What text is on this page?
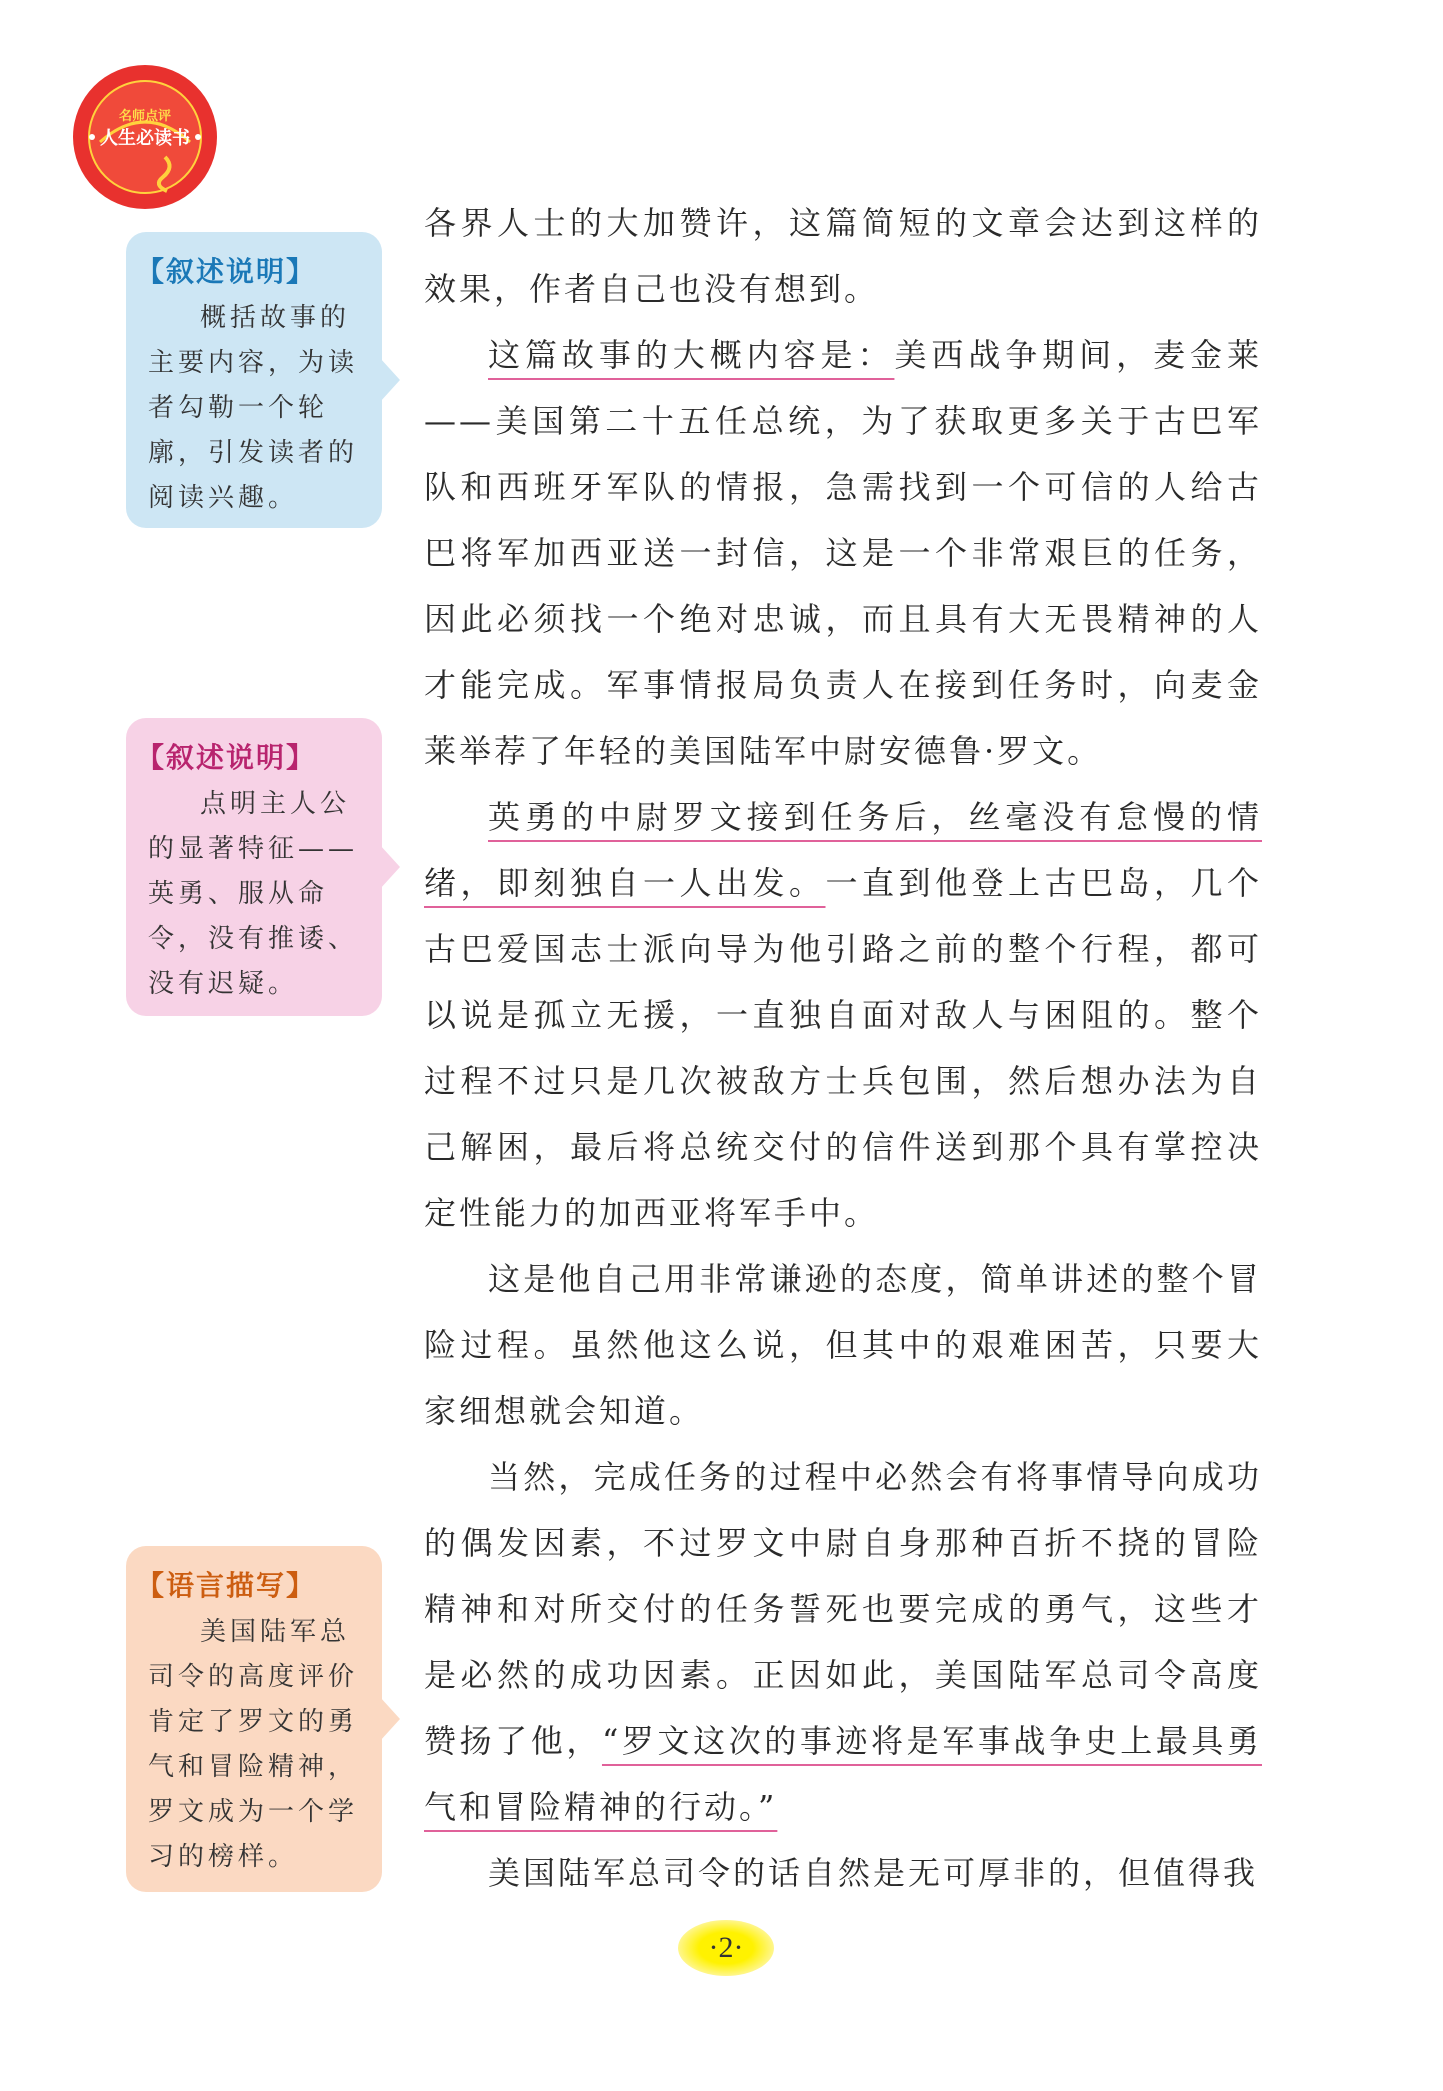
名师点评
人生必读书
【叙述说明】
概括故事的主要内容，为读者勾勒一个轮廓，引发读者的阅读兴趣。
【叙述说明】
点明主人公的显著特征——英勇、服从命令，没有推诿、没有迟疑。
【语言描写】
美国陆军总司令的高度评价肯定了罗文的勇气和冒险精神，罗文成为一个学习的榜样。

各界人士的大加赞许，这篇简短的文章会达到这样的效果，作者自己也没有想到。

这篇故事的大概内容是：美西战争期间，麦金莱——美国第二十五任总统，为了获取更多关于古巴军队和西班牙军队的情报，急需找到一个可信的人给古巴将军加西亚送一封信，这是一个非常艰巨的任务，因此必须找一个绝对忠诚，而且具有大无畏精神的人才能完成。军事情报局负责人在接到任务时，向麦金莱举荐了年轻的美国陆军中尉安德鲁·罗文。

英勇的中尉罗文接到任务后，丝毫没有怠慢的情绪，即刻独自一人出发。一直到他登上古巴岛，几个古巴爱国志士派向导为他引路之前的整个行程，都可以说是孤立无援，一直独自面对敌人与困阻的。整个过程不过只是几次被敌方士兵包围，然后想办法为自己解困，最后将总统交付的信件送到那个具有掌控决定性能力的加西亚将军手中。

这是他自己用非常谦逊的态度，简单讲述的整个冒险过程。虽然他这么说，但其中的艰难困苦，只要大家细想就会知道。

当然，完成任务的过程中必然会有将事情导向成功的偶发因素，不过罗文中尉自身那种百折不挠的冒险精神和对所交付的任务誓死也要完成的勇气，这些才是必然的成功因素。正因如此，美国陆军总司令高度赞扬了他，“罗文这次的事迹将是军事战争史上最具勇气和冒险精神的行动。”

美国陆军总司令的话自然是无可厚非的，但值得我

·2·
